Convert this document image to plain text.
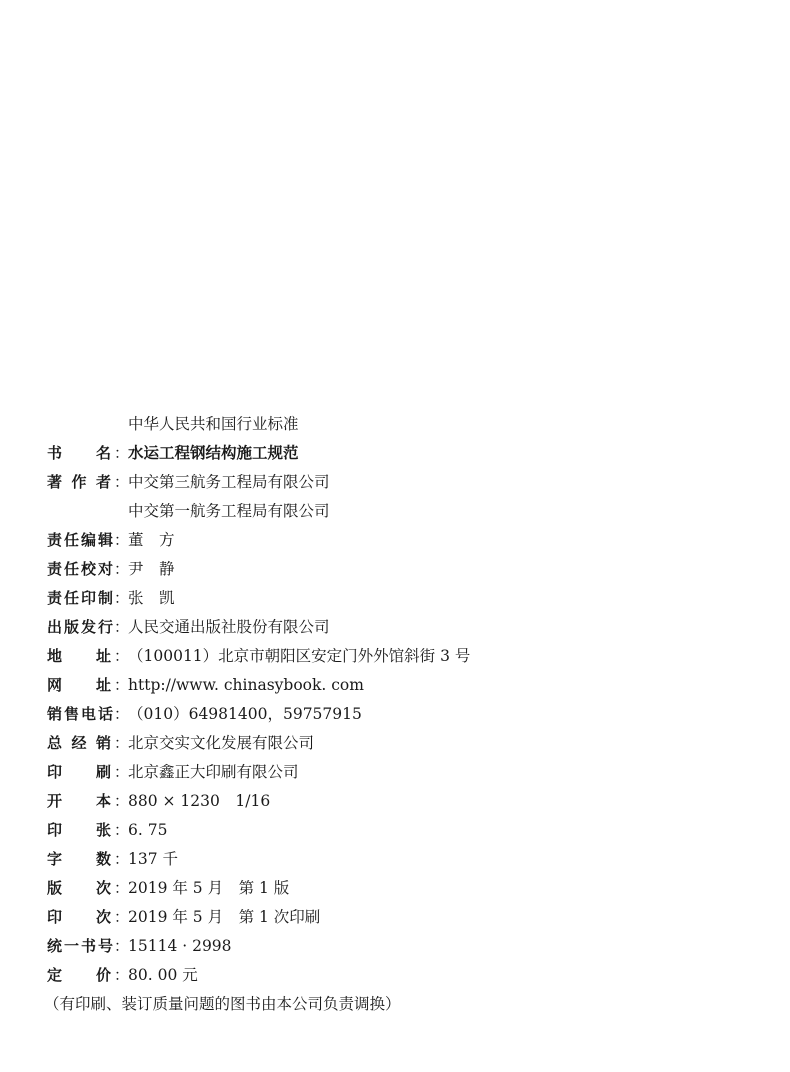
中华人民共和国行业标准
书 名 ：
水运工程钢结构施工规范
著 作 者 ：
中交第三航务工程局有限公司
中交第一航务工程局有限公司
责 任 编 辑 ：
董　方
责 任 校 对 ：
尹　静
责 任 印 制 ：
张　凯
出 版 发 行 ：
人民交通出版社股份有限公司
地 址 ：
（100011）北京市朝阳区安定门外外馆斜街 3 号
网 址 ：
http://www. chinasybook. com
销 售 电 话 ：
（010）64981400，59757915
总 经 销 ：
北京交实文化发展有限公司
印 刷 ：
北京鑫正大印刷有限公司
开 本 ：
880 × 1230　1/16
印 张 ：
6. 75
字 数 ：
137 千
版 次 ：
2019 年 5 月　第 1 版
印 次 ：
2019 年 5 月　第 1 次印刷
统 一 书 号 ：
15114 · 2998
定 价 ：
80. 00 元
（有印刷、装订质量问题的图书由本公司负责调换）
